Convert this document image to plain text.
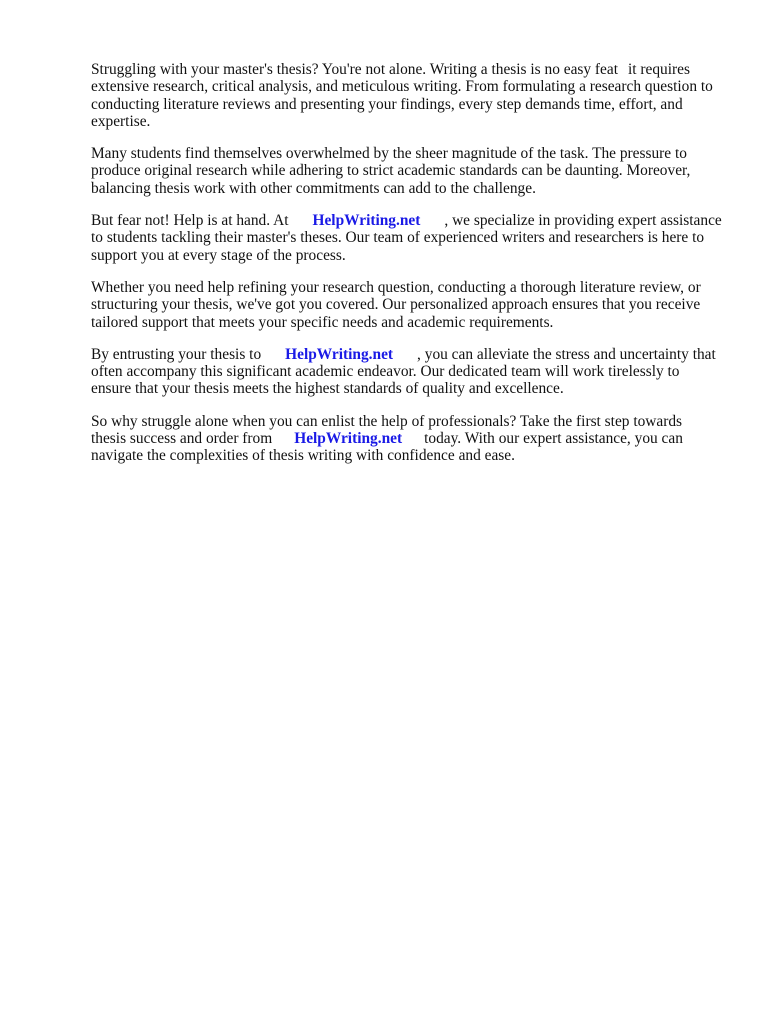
Struggling with your master's thesis? You're not alone. Writing a thesis is no easy feat it requires
extensive research, critical analysis, and meticulous writing. From formulating a research question to
conducting literature reviews and presenting your findings, every step demands time, effort, and
expertise.

Many students find themselves overwhelmed by the sheer magnitude of the task. The pressure to
produce original research while adhering to strict academic standards can be daunting. Moreover,
balancing thesis work with other commitments can add to the challenge.

But fear not! Help is at hand. At HelpWriting.net , we specialize in providing expert assistance
to students tackling their master's theses. Our team of experienced writers and researchers is here to
support you at every stage of the process.

Whether you need help refining your research question, conducting a thorough literature review, or
structuring your thesis, we've got you covered. Our personalized approach ensures that you receive
tailored support that meets your specific needs and academic requirements.

By entrusting your thesis to HelpWriting.net , you can alleviate the stress and uncertainty that
often accompany this significant academic endeavor. Our dedicated team will work tirelessly to
ensure that your thesis meets the highest standards of quality and excellence.

So why struggle alone when you can enlist the help of professionals? Take the first step towards
thesis success and order from HelpWriting.net today. With our expert assistance, you can
navigate the complexities of thesis writing with confidence and ease.
